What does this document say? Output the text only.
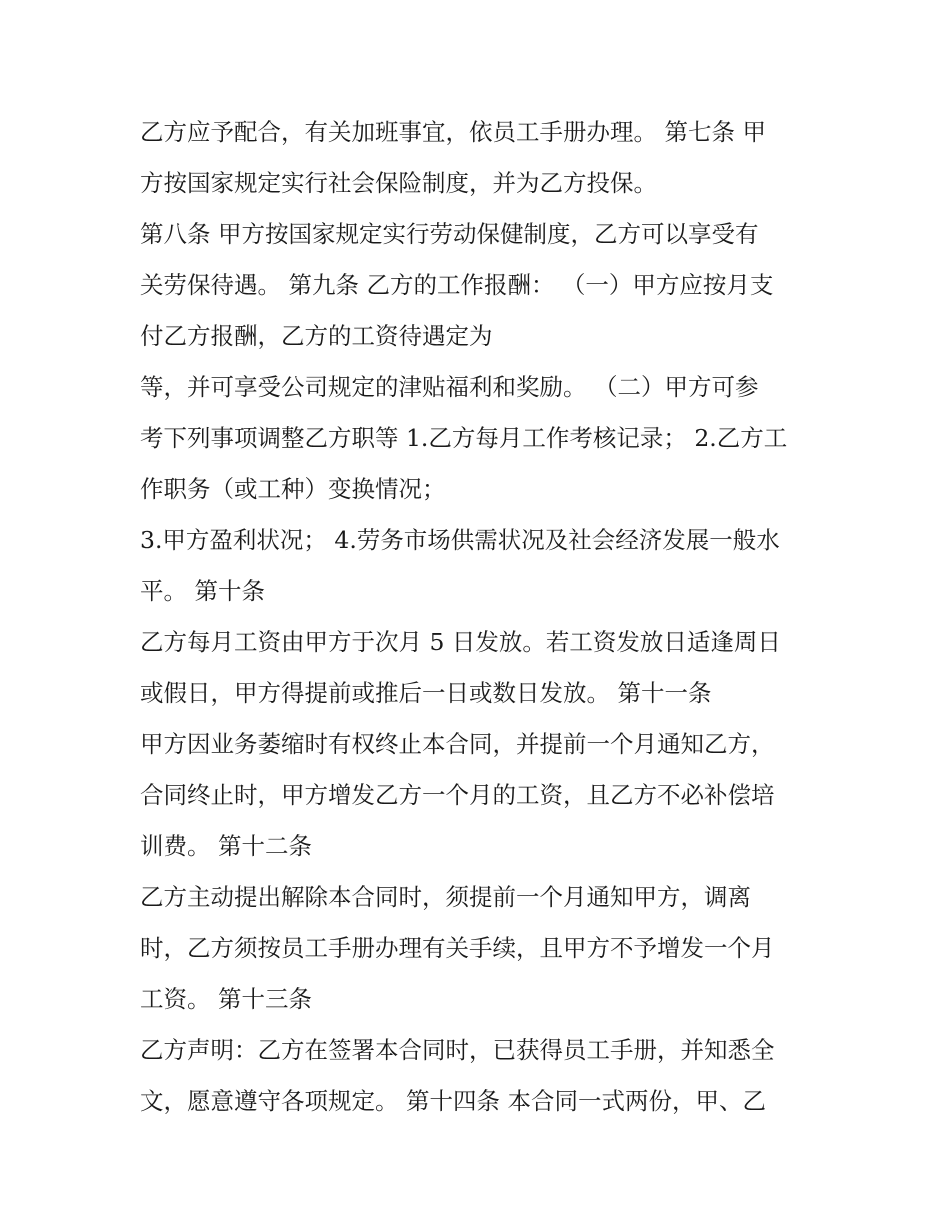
乙方应予配合，有关加班事宜，依员工手册办理。 第七条 甲
方按国家规定实行社会保险制度，并为乙方投保。
第八条 甲方按国家规定实行劳动保健制度，乙方可以享受有
关劳保待遇。 第九条 乙方的工作报酬： （一）甲方应按月支
付乙方报酬，乙方的工资待遇定为
等，并可享受公司规定的津贴福利和奖励。 （二）甲方可参
考下列事项调整乙方职等 1.乙方每月工作考核记录； 2.乙方工
作职务（或工种）变换情况；
3.甲方盈利状况； 4.劳务市场供需状况及社会经济发展一般水
平。 第十条
乙方每月工资由甲方于次月 5 日发放。若工资发放日适逢周日
或假日，甲方得提前或推后一日或数日发放。 第十一条
甲方因业务萎缩时有权终止本合同，并提前一个月通知乙方，
合同终止时，甲方增发乙方一个月的工资，且乙方不必补偿培
训费。 第十二条
乙方主动提出解除本合同时，须提前一个月通知甲方，调离
时，乙方须按员工手册办理有关手续，且甲方不予增发一个月
工资。 第十三条
乙方声明：乙方在签署本合同时，已获得员工手册，并知悉全
文，愿意遵守各项规定。 第十四条 本合同一式两份，甲、乙
